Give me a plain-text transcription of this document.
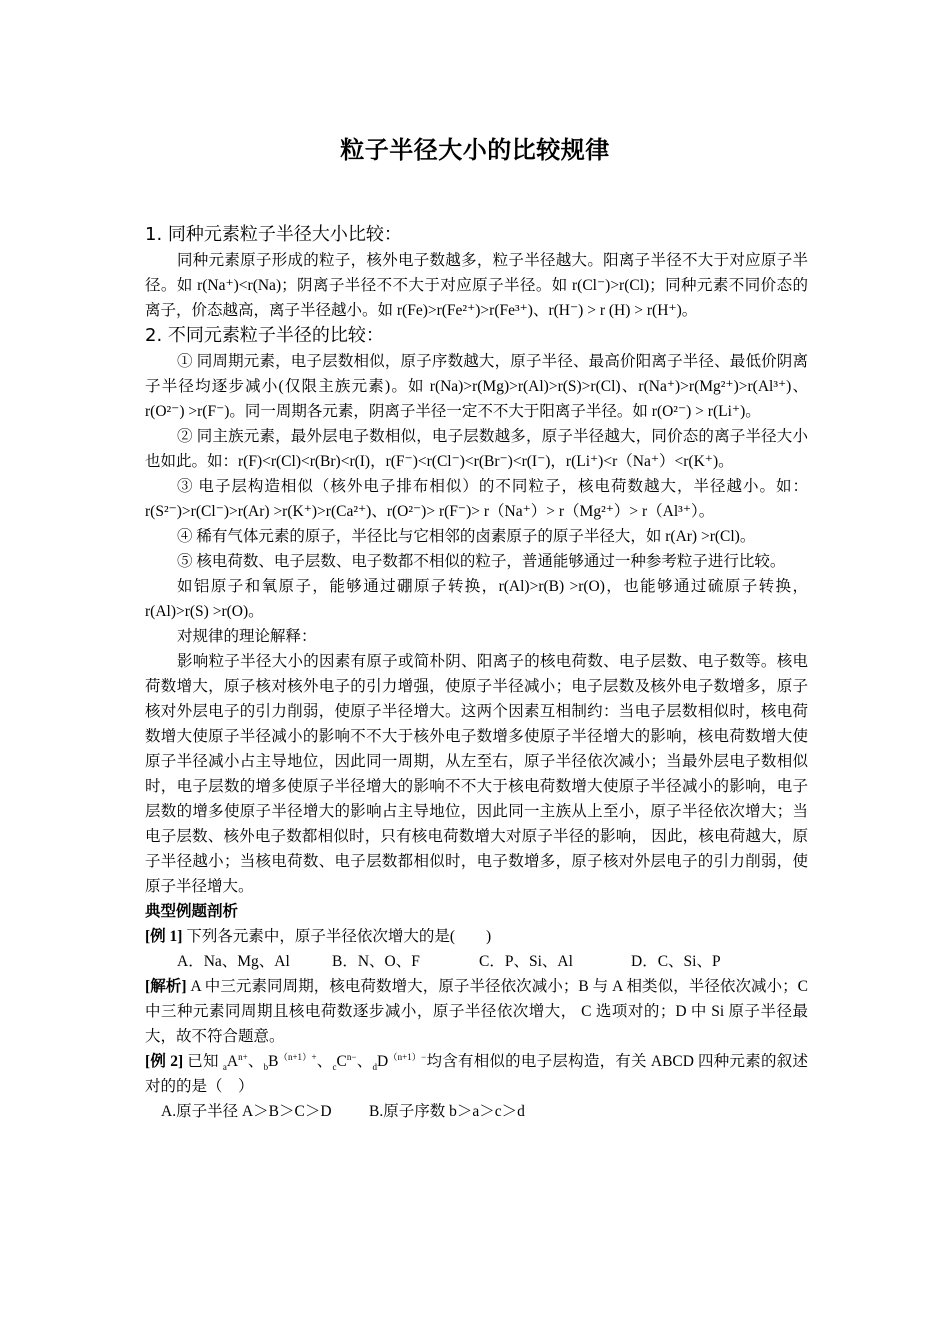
粒子半径大小的比较规律

1. 同种元素粒子半径大小比较：

同种元素原子形成的粒子，核外电子数越多，粒子半径越大。阳离子半径不大于对应原子半径。如 r(Na⁺)<r(Na)；阴离子半径不不大于对应原子半径。如 r(Cl⁻)>r(Cl)；同种元素不同价态的离子，价态越高，离子半径越小。如 r(Fe)>r(Fe²⁺)>r(Fe³⁺)、r(H⁻) > r (H) > r(H⁺)。

2. 不同元素粒子半径的比较：

① 同周期元素，电子层数相似，原子序数越大，原子半径、最高价阳离子半径、最低价阴离子半径均逐步减小(仅限主族元素)。如 r(Na)>r(Mg)>r(Al)>r(S)>r(Cl)、r(Na⁺)>r(Mg²⁺)>r(Al³⁺)、r(O²⁻) >r(F⁻)。同一周期各元素，阴离子半径一定不不大于阳离子半径。如 r(O²⁻) > r(Li⁺)。

② 同主族元素，最外层电子数相似，电子层数越多，原子半径越大，同价态的离子半径大小也如此。如：r(F)<r(Cl)<r(Br)<r(I)，r(F⁻)<r(Cl⁻)<r(Br⁻)<r(I⁻)，r(Li⁺)<r（Na⁺）<r(K⁺)。

③ 电子层构造相似（核外电子排布相似）的不同粒子，核电荷数越大，半径越小。如：r(S²⁻)>r(Cl⁻)>r(Ar) >r(K⁺)>r(Ca²⁺)、r(O²⁻)> r(F⁻)> r（Na⁺）> r（Mg²⁺）> r（Al³⁺）。

④ 稀有气体元素的原子，半径比与它相邻的卤素原子的原子半径大，如 r(Ar) >r(Cl)。

⑤ 核电荷数、电子层数、电子数都不相似的粒子，普通能够通过一种参考粒子进行比较。

如铝原子和氧原子，能够通过硼原子转换，r(Al)>r(B) >r(O)，也能够通过硫原子转换，r(Al)>r(S) >r(O)。

对规律的理论解释：

影响粒子半径大小的因素有原子或简朴阴、阳离子的核电荷数、电子层数、电子数等。核电荷数增大，原子核对核外电子的引力增强，使原子半径减小；电子层数及核外电子数增多，原子核对外层电子的引力削弱，使原子半径增大。这两个因素互相制约：当电子层数相似时，核电荷数增大使原子半径减小的影响不不大于核外电子数增多使原子半径增大的影响，核电荷数增大使原子半径减小占主导地位，因此同一周期，从左至右，原子半径依次减小；当最外层电子数相似时，电子层数的增多使原子半径增大的影响不不大于核电荷数增大使原子半径减小的影响，电子层数的增多使原子半径增大的影响占主导地位，因此同一主族从上至小，原子半径依次增大；当电子层数、核外电子数都相似时，只有核电荷数增大对原子半径的影响， 因此，核电荷越大，原子半径越小；当核电荷数、电子层数都相似时，电子数增多，原子核对外层电子的引力削弱，使原子半径增大。

典型例题剖析

[例 1] 下列各元素中，原子半径依次增大的是(　　)

A．Na、Mg、Al	B．N、O、F	C．P、Si、Al	D．C、Si、P

[解析] A 中三元素同周期，核电荷数增大，原子半径依次减小；B 与 A 相类似，半径依次减小；C 中三种元素同周期且核电荷数逐步减小，原子半径依次增大， C 选项对的；D 中 Si 原子半径最大，故不符合题意。

[例 2] 已知 $_aA^{n+}$、$_bB^{(n+1)+}$、$_cC^{n-}$、$_dD^{(n+1)-}$均含有相似的电子层构造，有关 ABCD 四种元素的叙述对的的是（　）

A.原子半径 A＞B＞C＞D B.原子序数 b＞a＞c＞d
